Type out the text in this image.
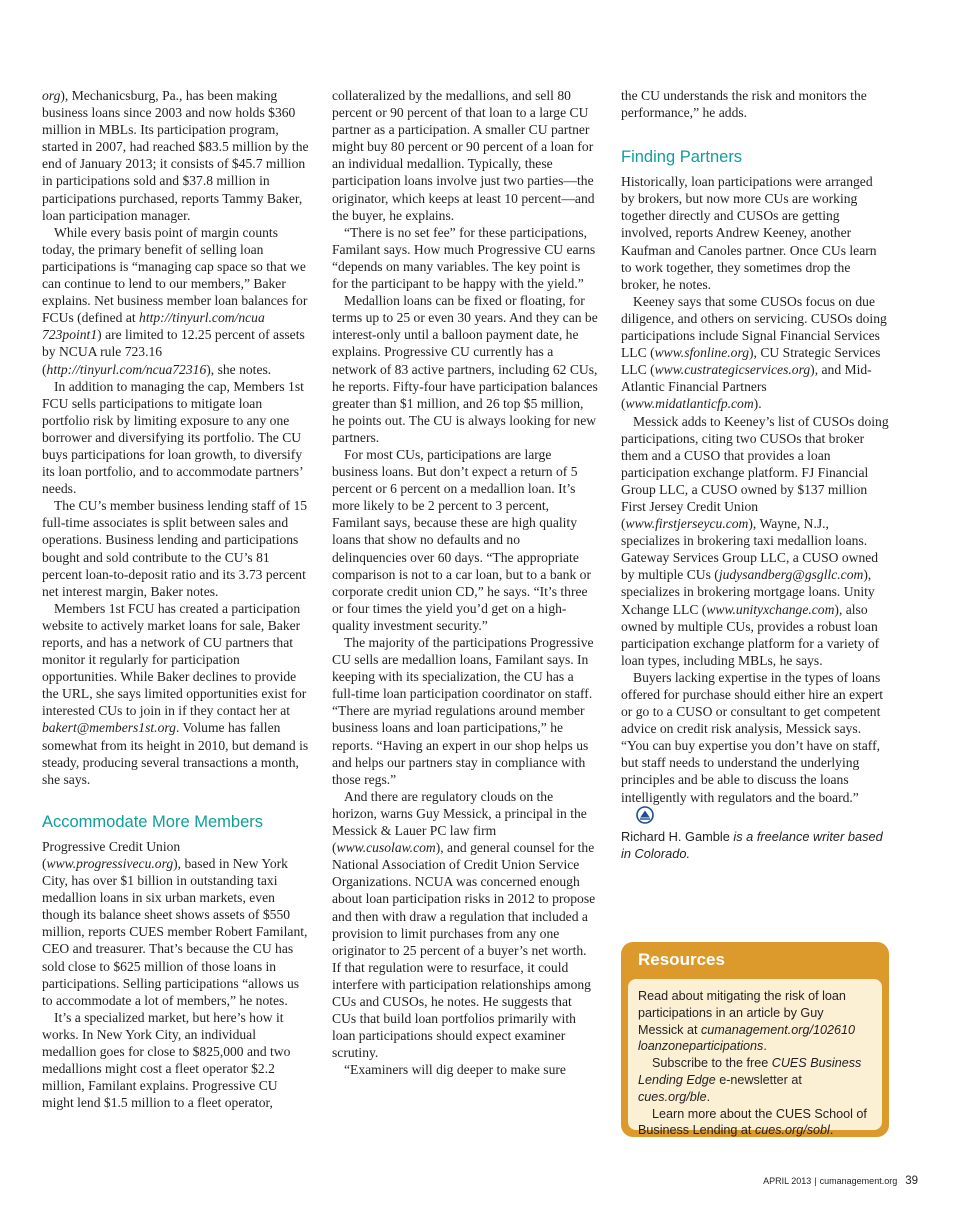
org), Mechanicsburg, Pa., has been making business loans since 2003 and now holds $360 million in MBLs. Its participation program, started in 2007, had reached $83.5 million by the end of January 2013; it consists of $45.7 million in participations sold and $37.8 million in participations purchased, reports Tammy Baker, loan participation manager.

While every basis point of margin counts today, the primary benefit of selling loan participations is “managing cap space so that we can continue to lend to our members,” Baker explains. Net business member loan balances for FCUs (defined at http://tinyurl.com/ncua 723point1) are limited to 12.25 percent of assets by NCUA rule 723.16 (http://tinyurl.com/ncua72316), she notes.

In addition to managing the cap, Members 1st FCU sells participations to mitigate loan portfolio risk by limiting exposure to any one borrower and diversifying its portfolio. The CU buys participations for loan growth, to diversify its loan portfolio, and to accommodate partners’ needs.

The CU’s member business lending staff of 15 full-time associates is split between sales and operations. Business lending and participations bought and sold contribute to the CU’s 81 percent loan-to-deposit ratio and its 3.73 percent net interest margin, Baker notes.

Members 1st FCU has created a participation website to actively market loans for sale, Baker reports, and has a network of CU partners that monitor it regularly for participation opportunities. While Baker declines to provide the URL, she says limited opportunities exist for interested CUs to join in if they contact her at bakert@members1st.org. Volume has fallen somewhat from its height in 2010, but demand is steady, producing several transactions a month, she says.

Accommodate More Members

Progressive Credit Union (www.progressivecu.org), based in New York City, has over $1 billion in outstanding taxi medallion loans in six urban markets, even though its balance sheet shows assets of $550 million, reports CUES member Robert Familant, CEO and treasurer. That’s because the CU has sold close to $625 million of those loans in participations. Selling participations “allows us to accommodate a lot of members,” he notes.

It’s a specialized market, but here’s how it works. In New York City, an individual medallion goes for close to $825,000 and two medallions might cost a fleet operator $2.2 million, Familant explains. Progressive CU might lend $1.5 million to a fleet operator,

collateralized by the medallions, and sell 80 percent or 90 percent of that loan to a large CU partner as a participation. A smaller CU partner might buy 80 percent or 90 percent of a loan for an individual medallion. Typically, these participation loans involve just two parties—the originator, which keeps at least 10 percent—and the buyer, he explains.

“There is no set fee” for these participations, Familant says. How much Progressive CU earns “depends on many variables. The key point is for the participant to be happy with the yield.”

Medallion loans can be fixed or floating, for terms up to 25 or even 30 years. And they can be interest-only until a balloon payment date, he explains. Progressive CU currently has a network of 83 active partners, including 62 CUs, he reports. Fifty-four have participation balances greater than $1 million, and 26 top $5 million, he points out. The CU is always looking for new partners.

For most CUs, participations are large business loans. But don’t expect a return of 5 percent or 6 percent on a medallion loan. It’s more likely to be 2 percent to 3 percent, Familant says, because these are high quality loans that show no defaults and no delinquencies over 60 days. “The appropriate comparison is not to a car loan, but to a bank or corporate credit union CD,” he says. “It’s three or four times the yield you’d get on a high-quality investment security.”

The majority of the participations Progressive CU sells are medallion loans, Familant says. In keeping with its specialization, the CU has a full-time loan participation coordinator on staff. “There are myriad regulations around member business loans and loan participations,” he reports. “Having an expert in our shop helps us and helps our partners stay in compliance with those regs.”

And there are regulatory clouds on the horizon, warns Guy Messick, a principal in the Messick & Lauer PC law firm (www.cusolaw.com), and general counsel for the National Association of Credit Union Service Organizations. NCUA was concerned enough about loan participation risks in 2012 to propose and then with draw a regulation that included a provision to limit purchases from any one originator to 25 percent of a buyer’s net worth. If that regulation were to resurface, it could interfere with participation relationships among CUs and CUSOs, he notes. He suggests that CUs that build loan portfolios primarily with loan participations should expect examiner scrutiny.

“Examiners will dig deeper to make sure

the CU understands the risk and monitors the performance,” he adds.

Finding Partners

Historically, loan participations were arranged by brokers, but now more CUs are working together directly and CUSOs are getting involved, reports Andrew Keeney, another Kaufman and Canoles partner. Once CUs learn to work together, they sometimes drop the broker, he notes.

Keeney says that some CUSOs focus on due diligence, and others on servicing. CUSOs doing participations include Signal Financial Services LLC (www.sfonline.org), CU Strategic Services LLC (www.custrategicservices.org), and Mid-Atlantic Financial Partners (www.midatlanticfp.com).

Messick adds to Keeney’s list of CUSOs doing participations, citing two CUSOs that broker them and a CUSO that provides a loan participation exchange platform. FJ Financial Group LLC, a CUSO owned by $137 million First Jersey Credit Union (www.firstjerseycu.com), Wayne, N.J., specializes in brokering taxi medallion loans. Gateway Services Group LLC, a CUSO owned by multiple CUs (judysandberg@gsgllc.com), specializes in brokering mortgage loans. Unity Xchange LLC (www.unityxchange.com), also owned by multiple CUs, provides a robust loan participation exchange platform for a variety of loan types, including MBLs, he says.

Buyers lacking expertise in the types of loans offered for purchase should either hire an expert or go to a CUSO or consultant to get competent advice on credit risk analysis, Messick says. “You can buy expertise you don’t have on staff, but staff needs to understand the underlying principles and be able to discuss the loans intelligently with regulators and the board.”

Richard H. Gamble is a freelance writer based in Colorado.

Resources

Read about mitigating the risk of loan participations in an article by Guy Messick at cumanagement.org/102610 loanzoneparticipations.

Subscribe to the free CUES Business Lending Edge e-newsletter at cues.org/ble.

Learn more about the CUES School of Business Lending at cues.org/sobl.

APRIL 2013 | cumanagement.org 39
